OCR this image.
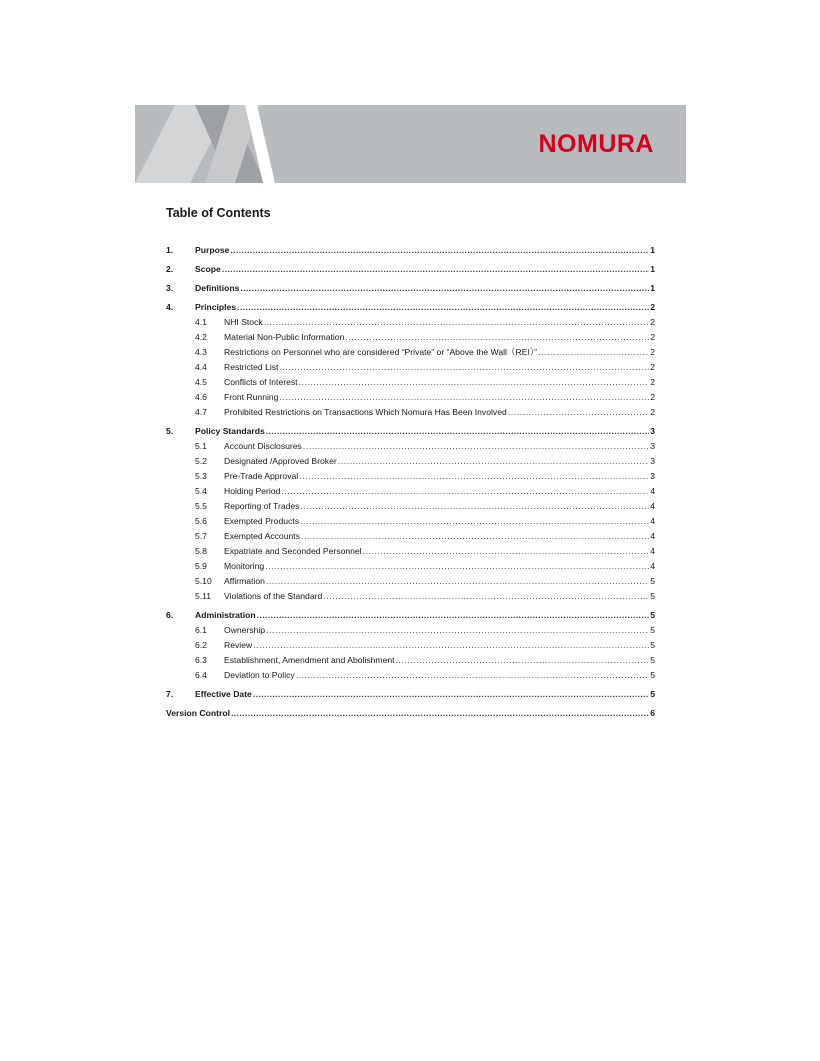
NOMURA
Table of Contents
1.	Purpose .....	1
2.	Scope .....	1
3.	Definitions .....	1
4.	Principles .....	2
4.1	NHI Stock .....	2
4.2	Material Non-Public Information .....	2
4.3	Restrictions on Personnel who are considered “Private” or “Above the Wall（REI）” .....	2
4.4	Restricted List .....	2
4.5	Conflicts of Interest .....	2
4.6	Front Running .....	2
4.7	Prohibited Restrictions on Transactions Which Nomura Has Been Involved .....	2
5.	Policy Standards .....	3
5.1	Account Disclosures .....	3
5.2	Designated /Approved Broker .....	3
5.3	Pre-Trade Approval .....	3
5.4	Holding Period .....	4
5.5	Reporting of Trades .....	4
5.6	Exempted Products .....	4
5.7	Exempted Accounts .....	4
5.8	Expatriate and Seconded Personnel .....	4
5.9	Monitoring .....	4
5.10	Affirmation .....	5
5.11	Violations of the Standard .....	5
6.	Administration .....	5
6.1	Ownership .....	5
6.2	Review .....	5
6.3	Establishment, Amendment and Abolishment .....	5
6.4	Deviation to Policy .....	5
7.	Effective Date .....	5
Version Control .....	6
